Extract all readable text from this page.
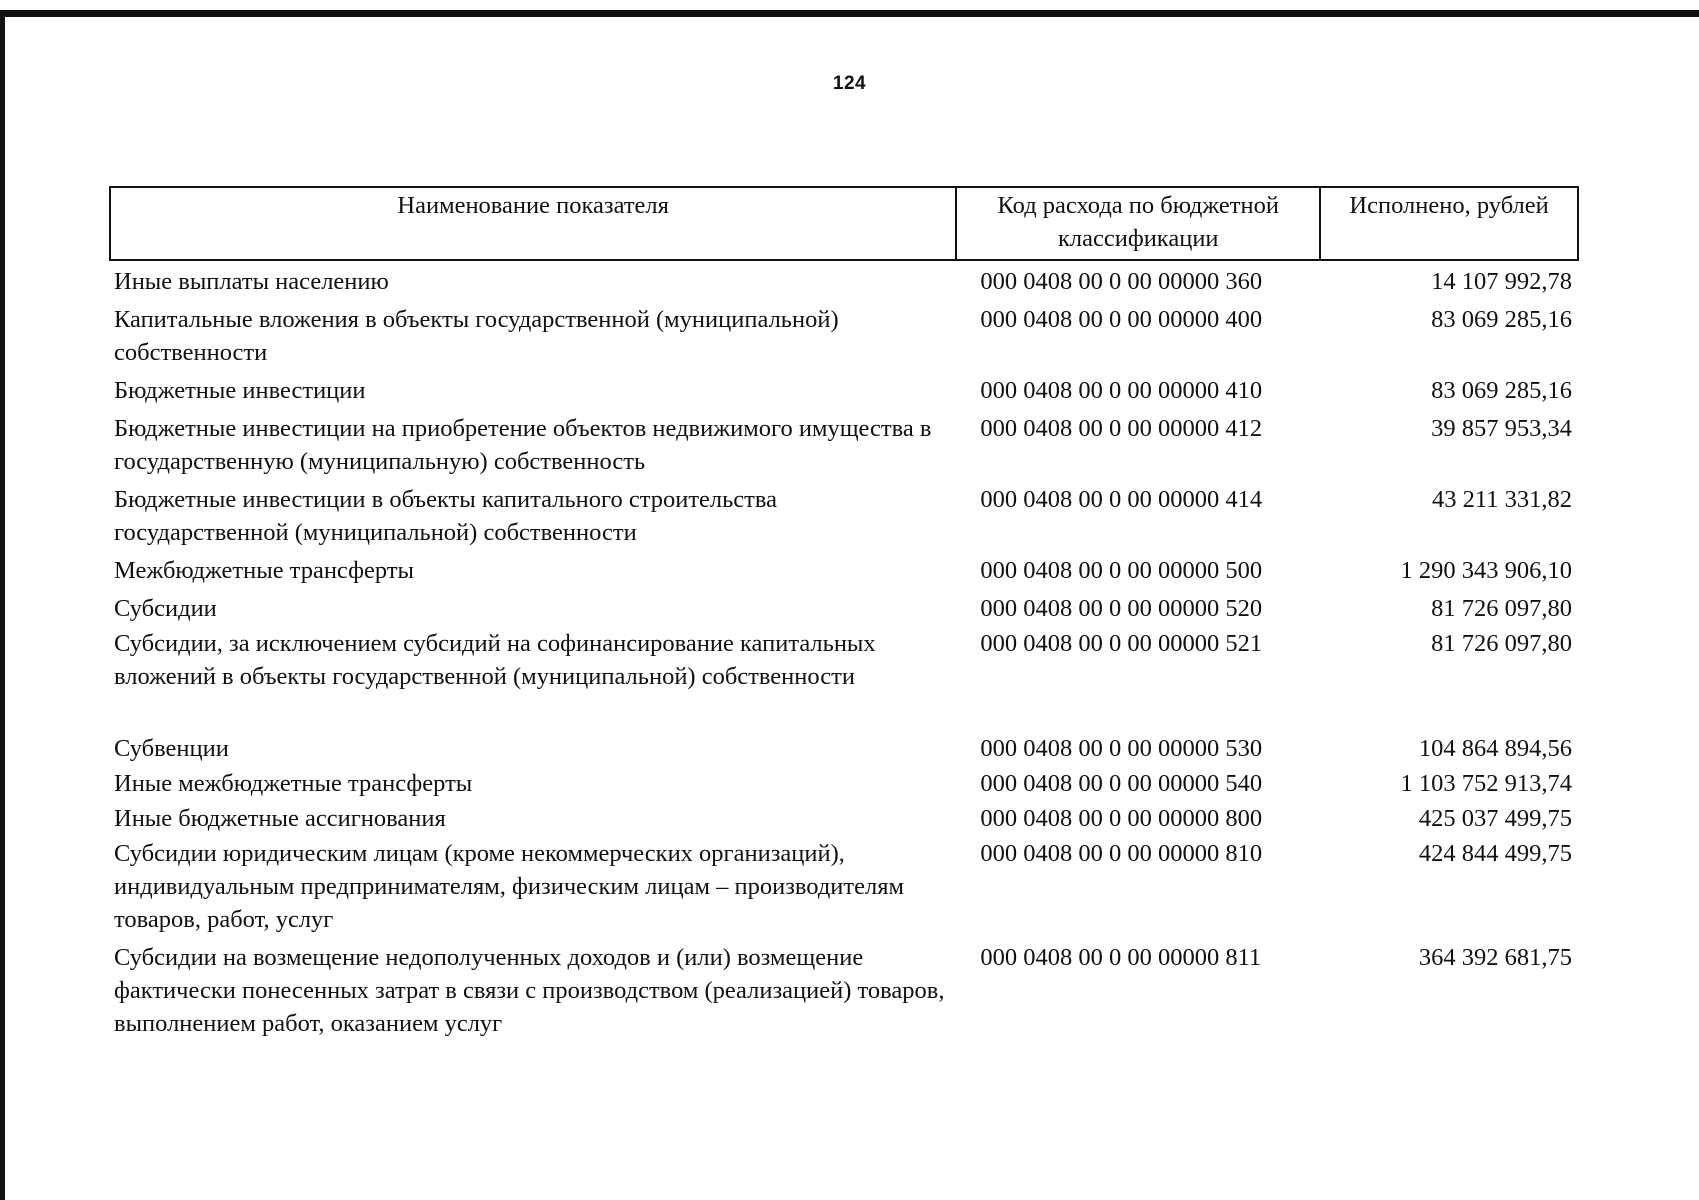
124
Наименование показателя	Код расхода по бюджетной классификации	Исполнено, рублей
Иные выплаты населению	000 0408 00 0 00 00000 360	14 107 992,78
Капитальные вложения в объекты государственной (муниципальной) собственности	000 0408 00 0 00 00000 400	83 069 285,16
Бюджетные инвестиции	000 0408 00 0 00 00000 410	83 069 285,16
Бюджетные инвестиции на приобретение объектов недвижимого имущества в государственную (муниципальную) собственность	000 0408 00 0 00 00000 412	39 857 953,34
Бюджетные инвестиции в объекты капитального строительства государственной (муниципальной) собственности	000 0408 00 0 00 00000 414	43 211 331,82
Межбюджетные трансферты	000 0408 00 0 00 00000 500	1 290 343 906,10
Субсидии	000 0408 00 0 00 00000 520	81 726 097,80
Субсидии, за исключением субсидий на софинансирование капитальных вложений в объекты государственной (муниципальной) собственности	000 0408 00 0 00 00000 521	81 726 097,80
Субвенции	000 0408 00 0 00 00000 530	104 864 894,56
Иные межбюджетные трансферты	000 0408 00 0 00 00000 540	1 103 752 913,74
Иные бюджетные ассигнования	000 0408 00 0 00 00000 800	425 037 499,75
Субсидии юридическим лицам (кроме некоммерческих организаций), индивидуальным предпринимателям, физическим лицам – производителям товаров, работ, услуг	000 0408 00 0 00 00000 810	424 844 499,75
Субсидии на возмещение недополученных доходов и (или) возмещение фактически понесенных затрат в связи с производством (реализацией) товаров, выполнением работ, оказанием услуг	000 0408 00 0 00 00000 811	364 392 681,75
